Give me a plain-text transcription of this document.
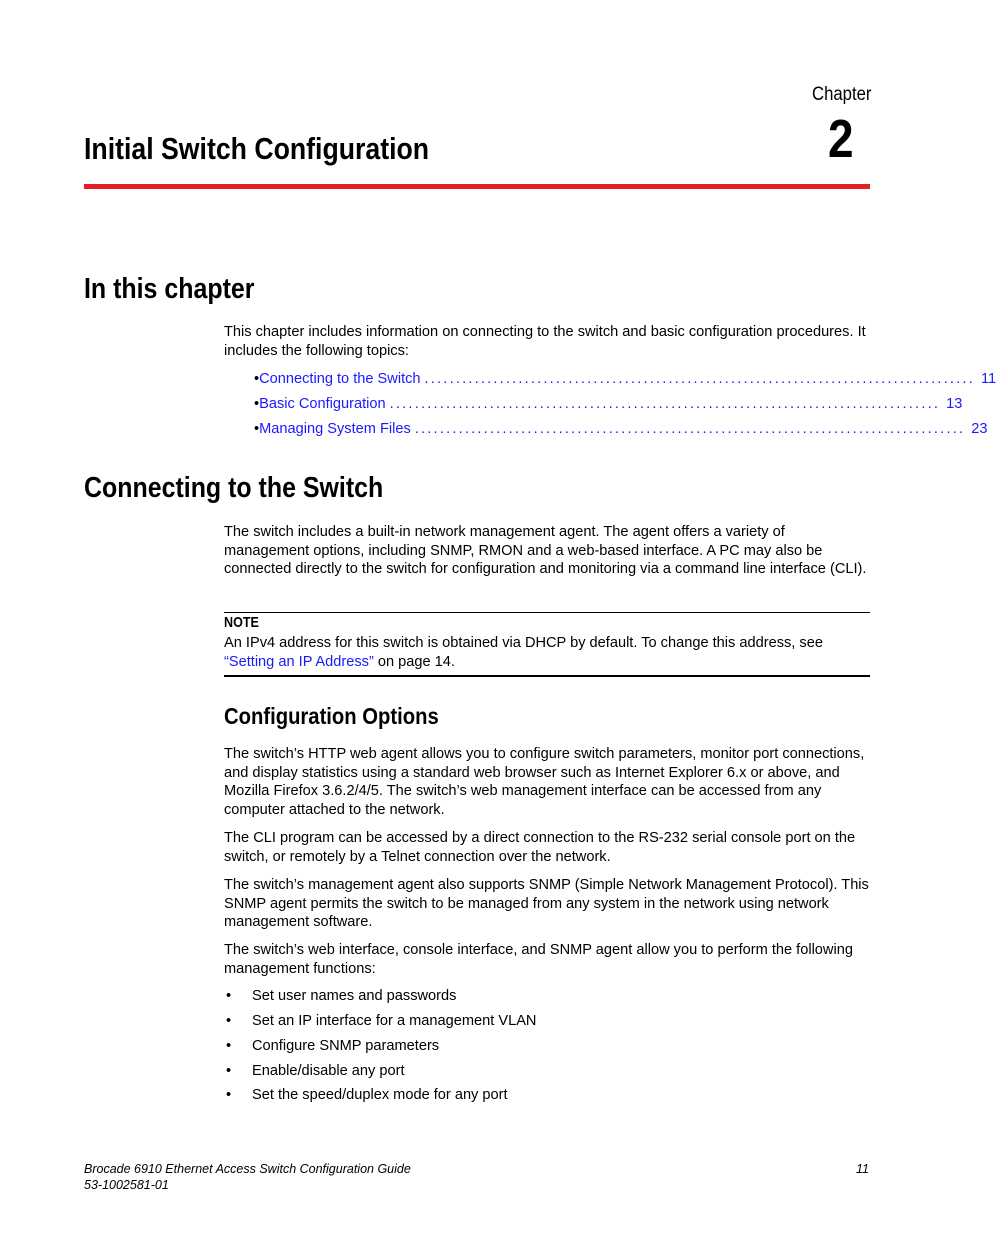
Chapter
2
Initial Switch Configuration
In this chapter
This chapter includes information on connecting to the switch and basic configuration procedures. It includes the following topics:
• Connecting to the Switch ........................................................................................ 11
• Basic Configuration ........................................................................................ 13
• Managing System Files ........................................................................................ 23
Connecting to the Switch
The switch includes a built-in network management agent. The agent offers a variety of management options, including SNMP, RMON and a web-based interface. A PC may also be connected directly to the switch for configuration and monitoring via a command line interface (CLI).
NOTE
An IPv4 address for this switch is obtained via DHCP by default. To change this address, see “Setting an IP Address” on page 14.
Configuration Options
The switch’s HTTP web agent allows you to configure switch parameters, monitor port connections, and display statistics using a standard web browser such as Internet Explorer 6.x or above, and Mozilla Firefox 3.6.2/4/5. The switch’s web management interface can be accessed from any computer attached to the network.
The CLI program can be accessed by a direct connection to the RS-232 serial console port on the switch, or remotely by a Telnet connection over the network.
The switch’s management agent also supports SNMP (Simple Network Management Protocol). This SNMP agent permits the switch to be managed from any system in the network using network management software.
The switch’s web interface, console interface, and SNMP agent allow you to perform the following management functions:
• Set user names and passwords
• Set an IP interface for a management VLAN
• Configure SNMP parameters
• Enable/disable any port
• Set the speed/duplex mode for any port
Brocade 6910 Ethernet Access Switch Configuration Guide
53-1002581-01
11
